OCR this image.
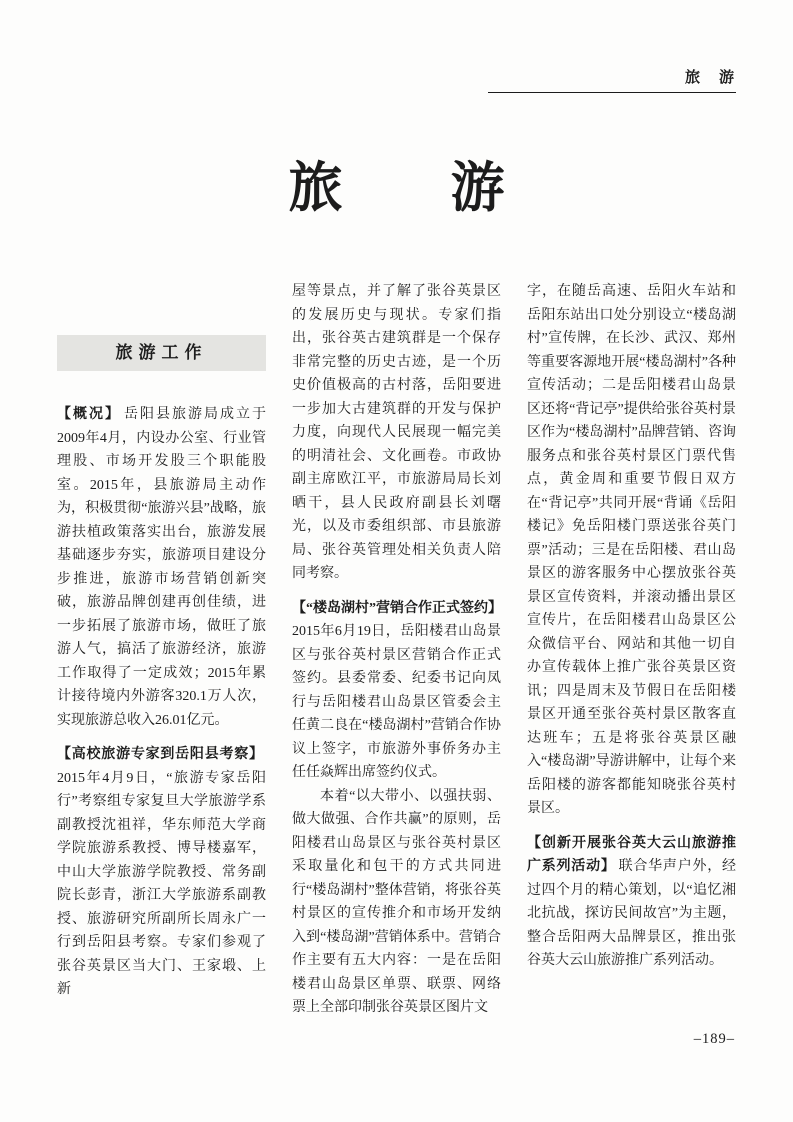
旅　游
旅　　游
旅游工作

【概况】 岳阳县旅游局成立于2009年4月，内设办公室、行业管理股、市场开发股三个职能股室。2015年，县旅游局主动作为，积极贯彻“旅游兴县”战略，旅游扶植政策落实出台，旅游发展基础逐步夯实，旅游项目建设分步推进，旅游市场营销创新突破，旅游品牌创建再创佳绩，进一步拓展了旅游市场，做旺了旅游人气，搞活了旅游经济，旅游工作取得了一定成效；2015年累计接待境内外游客320.1万人次，实现旅游总收入26.01亿元。

【高校旅游专家到岳阳县考察】2015年4月9日，“旅游专家岳阳行”考察组专家复旦大学旅游学系副教授沈祖祥，华东师范大学商学院旅游系教授、博导楼嘉军，中山大学旅游学院教授、常务副院长彭青，浙江大学旅游系副教授、旅游研究所副所长周永广一行到岳阳县考察。专家们参观了张谷英景区当大门、王家塅、上新

屋等景点，并了解了张谷英景区的发展历史与现状。专家们指出，张谷英古建筑群是一个保存非常完整的历史古迹，是一个历史价值极高的古村落，岳阳要进一步加大古建筑群的开发与保护力度，向现代人民展现一幅完美的明清社会、文化画卷。市政协副主席欧江平，市旅游局局长刘晒干，县人民政府副县长刘曙光，以及市委组织部、市县旅游局、张谷英管理处相关负责人陪同考察。

【“楼岛湖村”营销合作正式签约】2015年6月19日，岳阳楼君山岛景区与张谷英村景区营销合作正式签约。县委常委、纪委书记向凤行与岳阳楼君山岛景区管委会主任黄二良在“楼岛湖村”营销合作协议上签字，市旅游外事侨务办主任任焱辉出席签约仪式。

本着“以大带小、以强扶弱、做大做强、合作共赢”的原则，岳阳楼君山岛景区与张谷英村景区采取量化和包干的方式共同进行“楼岛湖村”整体营销，将张谷英村景区的宣传推介和市场开发纳入到“楼岛湖”营销体系中。营销合作主要有五大内容：一是在岳阳楼君山岛景区单票、联票、网络票上全部印制张谷英景区图片文

字，在随岳高速、岳阳火车站和岳阳东站出口处分别设立“楼岛湖村”宣传牌，在长沙、武汉、郑州等重要客源地开展“楼岛湖村”各种宣传活动；二是岳阳楼君山岛景区还将“背记亭”提供给张谷英村景区作为“楼岛湖村”品牌营销、咨询服务点和张谷英村景区门票代售点，黄金周和重要节假日双方在“背记亭”共同开展“背诵《岳阳楼记》免岳阳楼门票送张谷英门票”活动；三是在岳阳楼、君山岛景区的游客服务中心摆放张谷英景区宣传资料，并滚动播出景区宣传片，在岳阳楼君山岛景区公众微信平台、网站和其他一切自办宣传载体上推广张谷英景区资讯；四是周末及节假日在岳阳楼景区开通至张谷英村景区散客直达班车；五是将张谷英景区融入“楼岛湖”导游讲解中，让每个来岳阳楼的游客都能知晓张谷英村景区。

【创新开展张谷英大云山旅游推广系列活动】 联合华声户外，经过四个月的精心策划，以“追忆湘北抗战，探访民间故宫”为主题，整合岳阳两大品牌景区，推出张谷英大云山旅游推广系列活动。

–189–
